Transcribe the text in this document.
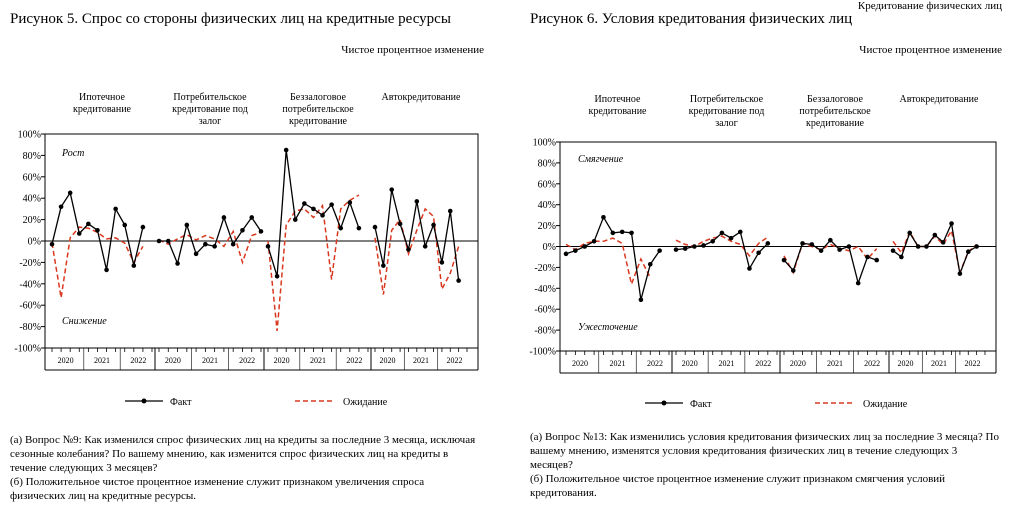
Кредитование физических лиц
Рисунок 5. Спрос со стороны физических лиц на кредитные ресурсы
Чистое процентное изменение
Рисунок 6. Условия кредитования физических лиц
Чистое процентное изменение
100%
80%
60%
40%
20%
0%
-20%
-40%
-60%
-80%
-100%
Рост
Снижение
2020	2021	2022
Ипотечное
кредитование
2020	2021	2022
Потребительское
кредитование под
залог
2020	2021	2022
Беззалоговое
потребительское
кредитование
2020 2021 2022
Автокредитование
Факт	Ожидание
100%
80%
60%
40%
20%
0%
-20%
-40%
-60%
-80%
-100%
Смягчение
Ужесточение
2020	2021	2022
Ипотечное
кредитование
2020	2021	2022
Потребительское
кредитование под
залог
2020	2021	2022
Беззалоговое
потребительское
кредитование
2020 2021 2022
Автокредитование
Факт	Ожидание
(а) Вопрос №9: Как изменился спрос физических лиц на кредиты за последние 3 месяца, исключая сезонные колебания? По вашему мнению, как изменится спрос физических лиц на кредиты в течение следующих 3 месяцев?
(б) Положительное чистое процентное изменение служит признаком увеличения спроса физических лиц на кредитные ресурсы.
(а) Вопрос №13: Как изменились условия кредитования физических лиц за последние 3 месяца? По вашему мнению, изменятся условия кредитования физических лиц в течение следующих 3 месяцев?
(б) Положительное чистое процентное изменение служит признаком смягчения условий кредитования.
